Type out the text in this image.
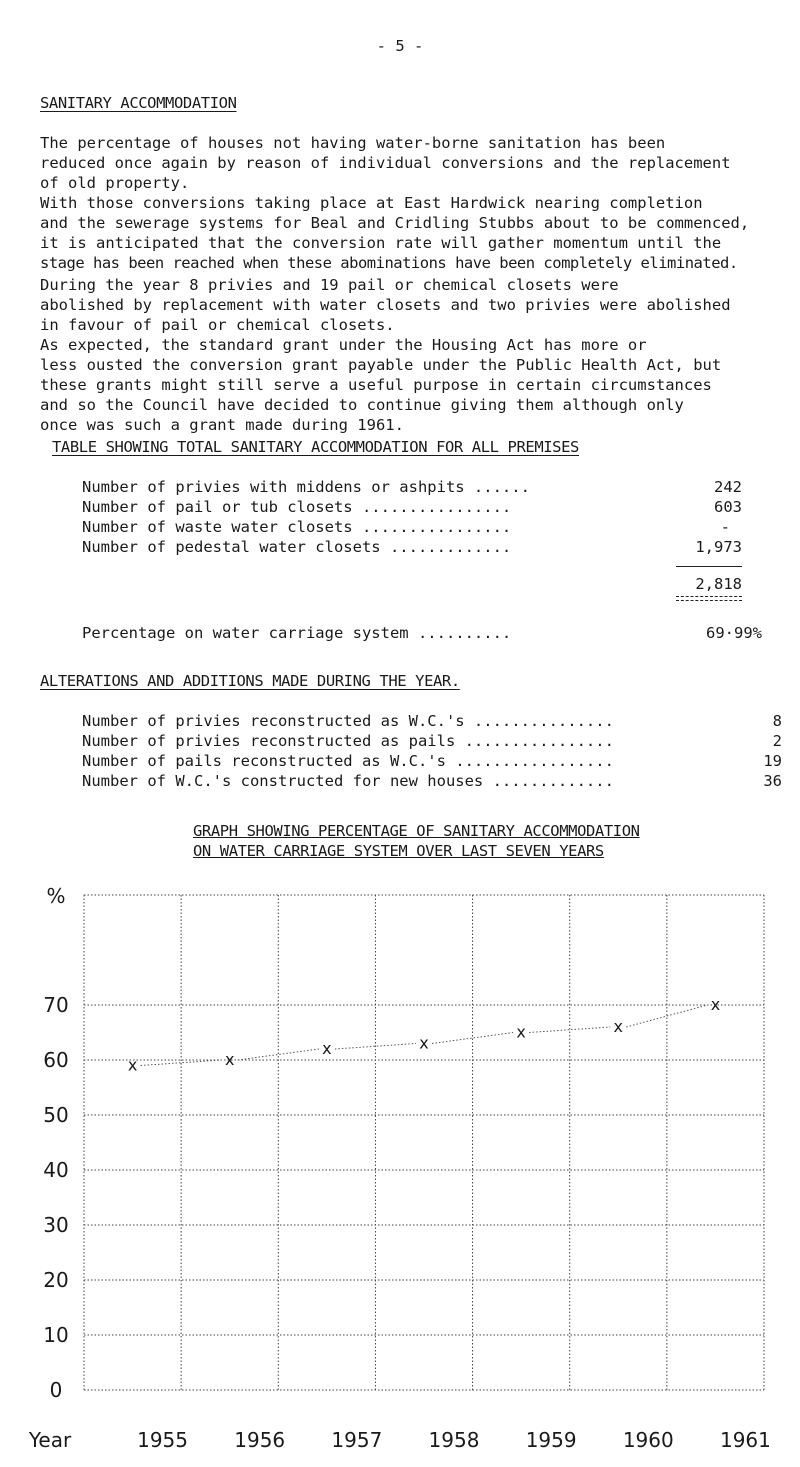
- 5 -
SANITARY ACCOMMODATION

The percentage of houses not having water-borne sanitation has been
reduced once again by reason of individual conversions and the replacement
of old property.

With those conversions taking place at East Hardwick nearing completion
and the sewerage systems for Beal and Cridling Stubbs about to be commenced,
it is anticipated that the conversion rate will gather momentum until the
stage has been reached when these abominations have been completely eliminated.

During the year 8 privies and 19 pail or chemical closets were
abolished by replacement with water closets and two privies were abolished
in favour of pail or chemical closets.

As expected, the standard grant under the Housing Act has more or
less ousted the conversion grant payable under the Public Health Act, but
these grants might still serve a useful purpose in certain circumstances
and so the Council have decided to continue giving them although only
once was such a grant made during 1961.

TABLE SHOWING TOTAL SANITARY ACCOMMODATION FOR ALL PREMISES
Number of privies with middens or ashpits ......	242
Number of pail or tub closets ................	603
Number of waste water closets ................	-
Number of pedestal water closets .............	1,973
2,818
Percentage on water carriage system ..........	69·99%
ALTERATIONS AND ADDITIONS MADE DURING THE YEAR.
Number of privies reconstructed as W.C.'s ...............	8
Number of privies reconstructed as pails ................	2
Number of pails reconstructed as W.C.'s .................	19
Number of W.C.'s constructed for new houses .............	36
GRAPH SHOWING PERCENTAGE OF SANITARY ACCOMMODATION
ON WATER CARRIAGE SYSTEM OVER LAST SEVEN YEARS
%
0
10
20
30
40
50
60
70
Year	1955
x
1956
x
1957
x
1958
x
1959
x
1960
x
1961
x
